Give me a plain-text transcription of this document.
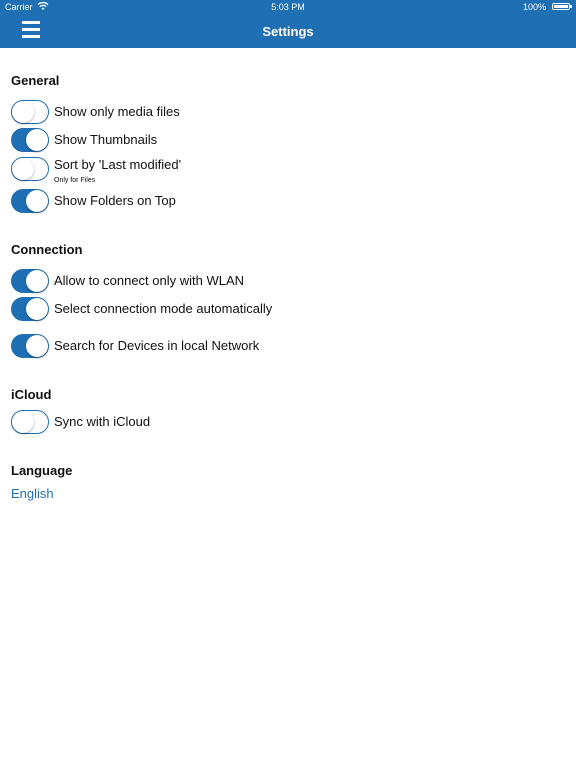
Carrier	5:03 PM	100%
Settings
General
Show only media files
Show Thumbnails
Sort by 'Last modified'
Only for Files
Show Folders on Top
Connection
Allow to connect only with WLAN
Select connection mode automatically
Search for Devices in local Network
iCloud
Sync with iCloud
Language
English
